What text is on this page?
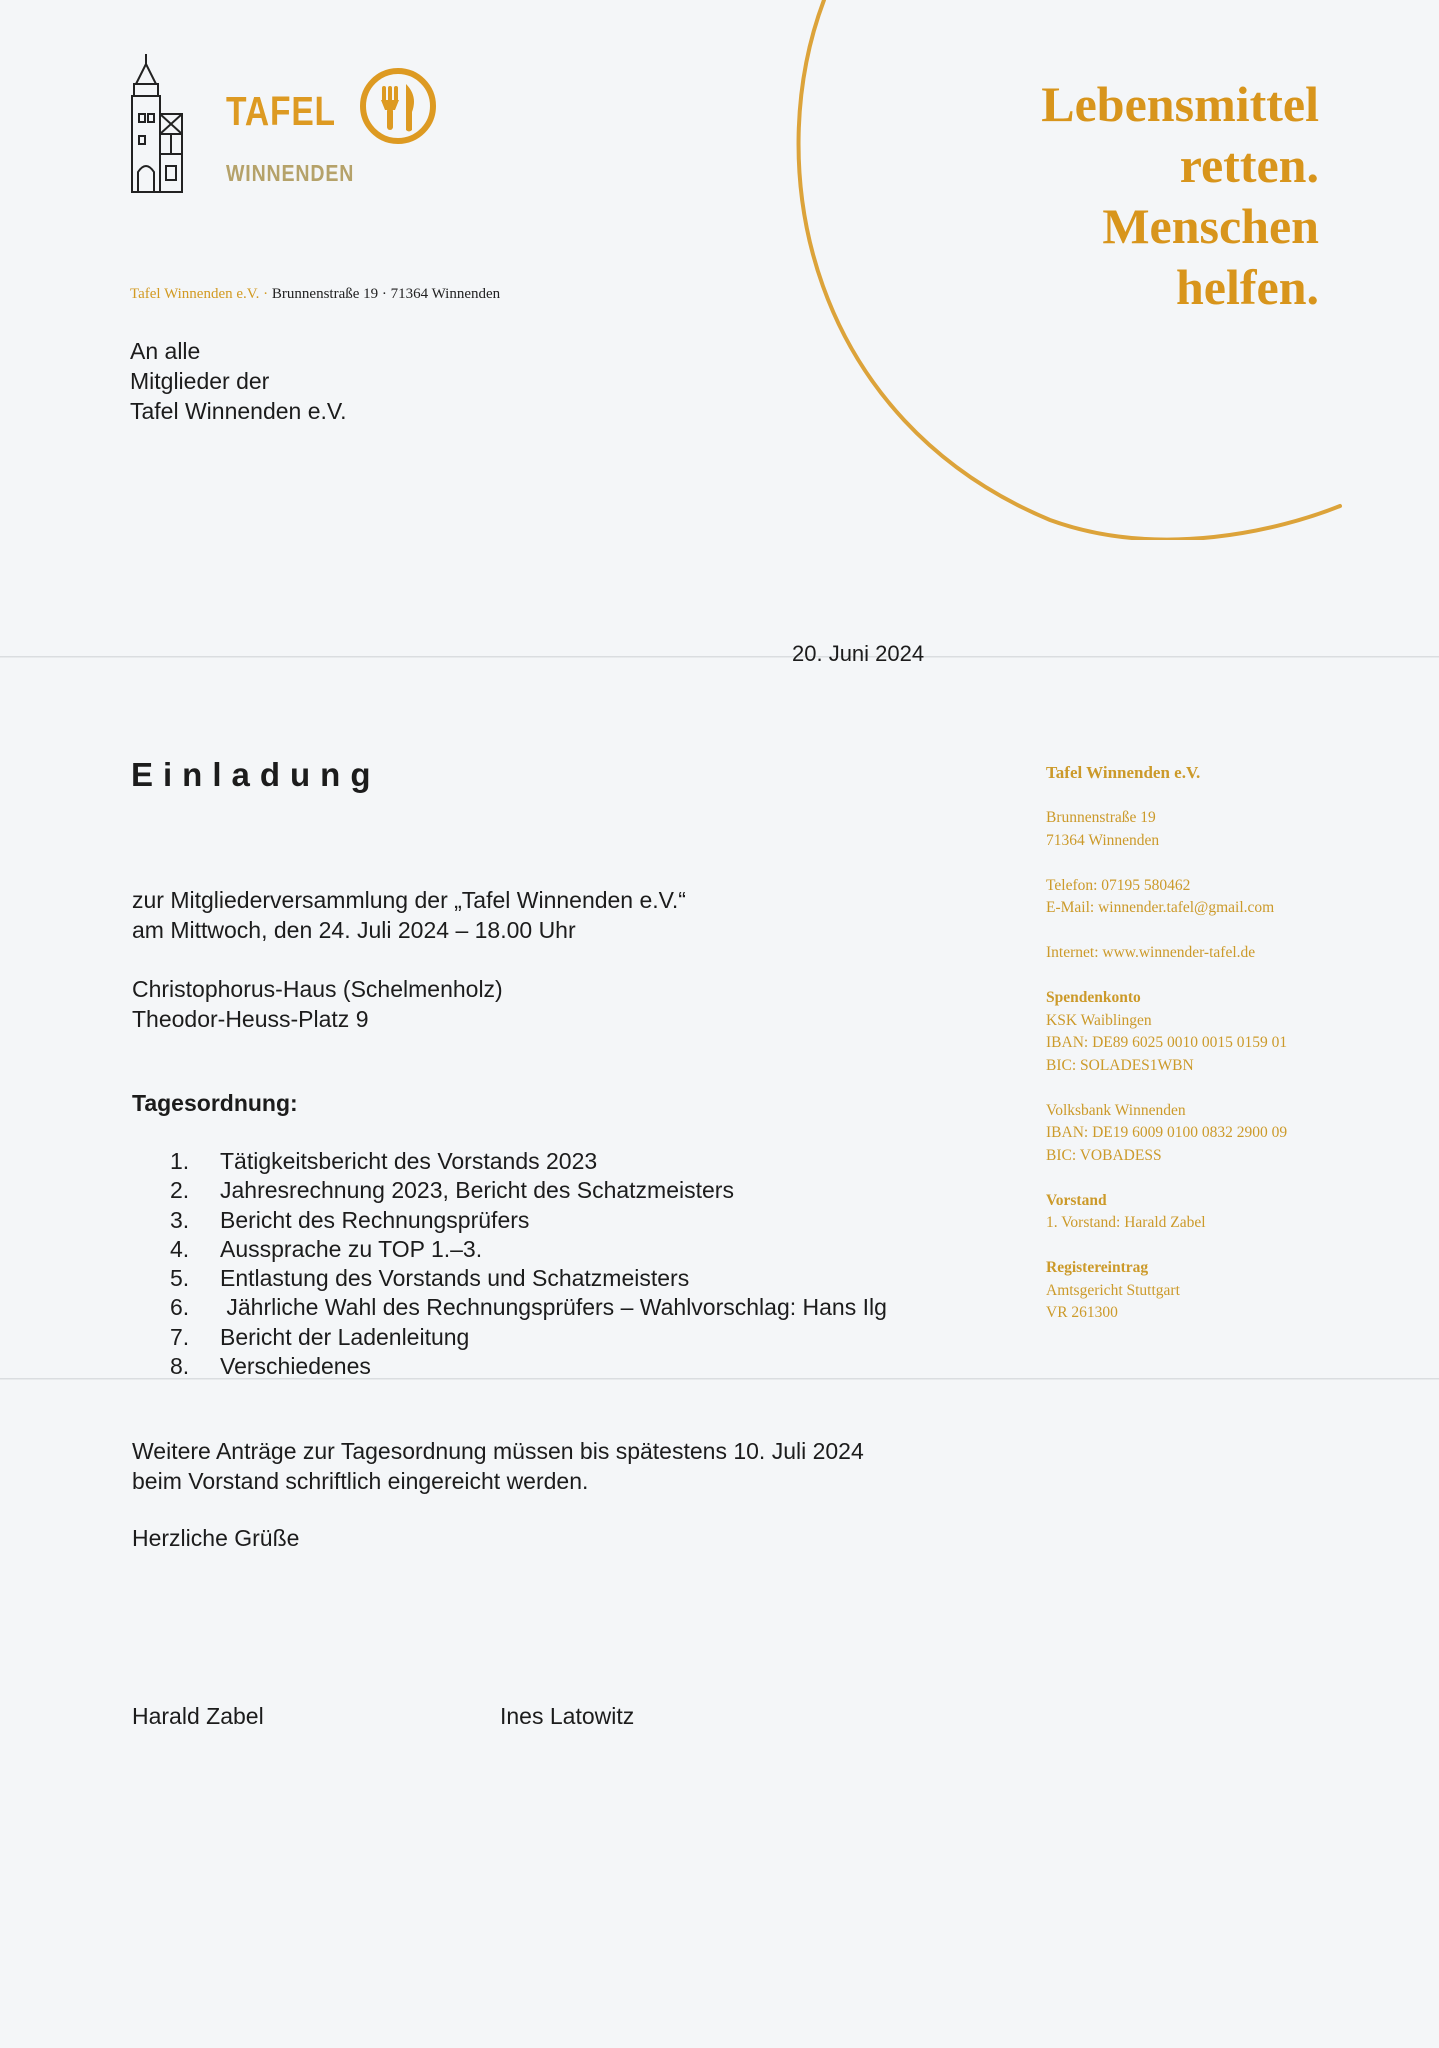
TAFEL
WINNENDEN
Lebensmittel
retten.
Menschen
helfen.
Tafel Winnenden e.V. · Brunnenstraße 19 · 71364 Winnenden
An alle
Mitglieder der
Tafel Winnenden e.V.
20. Juni 2024
Einladung
zur Mitgliederversammlung der „Tafel Winnenden e.V.“
am Mittwoch, den 24. Juli 2024 – 18.00 Uhr
Christophorus-Haus (Schelmenholz)
Theodor-Heuss-Platz 9
Tagesordnung:
1. Tätigkeitsbericht des Vorstands 2023
2. Jahresrechnung 2023, Bericht des Schatzmeisters
3. Bericht des Rechnungsprüfers
4. Aussprache zu TOP 1.–3.
5. Entlastung des Vorstands und Schatzmeisters
6. Jährliche Wahl des Rechnungsprüfers – Wahlvorschlag: Hans Ilg
7. Bericht der Ladenleitung
8. Verschiedenes
Weitere Anträge zur Tagesordnung müssen bis spätestens 10. Juli 2024
beim Vorstand schriftlich eingereicht werden.
Herzliche Grüße
Harald Zabel	Ines Latowitz
Tafel Winnenden e.V.
Brunnenstraße 19
71364 Winnenden
Telefon: 07195 580462
E-Mail: winnender.tafel@gmail.com
Internet: www.winnender-tafel.de
Spendenkonto
KSK Waiblingen
IBAN: DE89 6025 0010 0015 0159 01
BIC: SOLADES1WBN
Volksbank Winnenden
IBAN: DE19 6009 0100 0832 2900 09
BIC: VOBADESS
Vorstand
1. Vorstand: Harald Zabel
Registereintrag
Amtsgericht Stuttgart
VR 261300
